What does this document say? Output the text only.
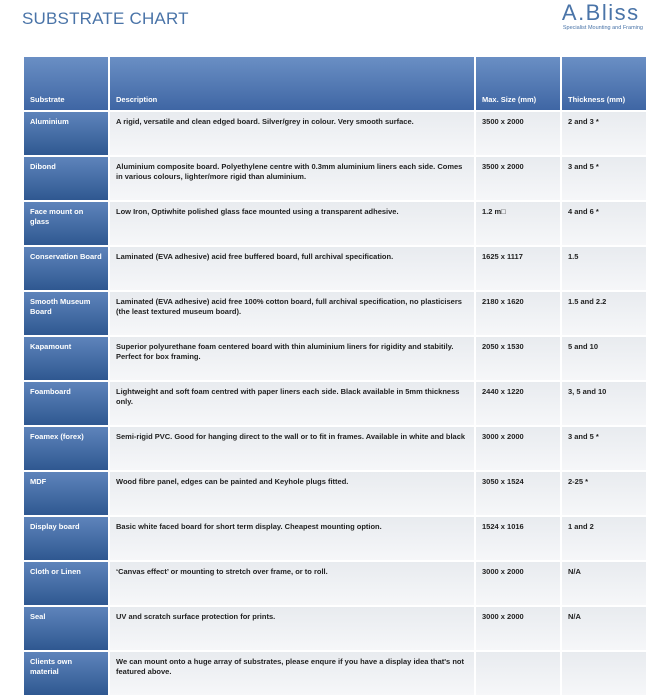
SUBSTRATE CHART	A.Bliss
Specialist Mounting and Framing
Substrate	Description	Max. Size (mm)	Thickness (mm)
Aluminium	A rigid, versatile and clean edged board. Silver/grey in colour. Very smooth surface.	3500 x 2000	2 and 3 *
Dibond	Aluminium composite board. Polyethylene centre with 0.3mm aluminium liners each side. Comes in various colours, lighter/more rigid than aluminium.	3500 x 2000	3 and 5 *
Face mount on glass	Low Iron, Optiwhite polished glass face mounted using a transparent adhesive.	1.2 m□	4 and 6 *
Conservation Board	Laminated (EVA adhesive) acid free buffered board, full archival specification.	1625 x 1117	1.5
Smooth Museum Board	Laminated (EVA adhesive) acid free 100% cotton board, full archival specification, no plasticisers (the least textured museum board).	2180 x 1620	1.5 and 2.2
Kapamount	Superior polyurethane foam centered board with thin aluminium liners for rigidity and stabitily. Perfect for box framing.	2050 x 1530	5 and 10
Foamboard	Lightweight and soft foam centred with paper liners each side. Black available in 5mm thickness only.	2440 x 1220	3, 5 and 10
Foamex (forex)	Semi-rigid PVC. Good for hanging direct to the wall or to fit in frames. Available in white and black	3000 x 2000	3 and 5 *
MDF	Wood fibre panel, edges can be painted and Keyhole plugs fitted.	3050 x 1524	2-25 *
Display board	Basic white faced board for short term display. Cheapest mounting option.	1524 x 1016	1 and 2
Cloth or Linen	‘Canvas effect’ or mounting to stretch over frame, or to roll.	3000 x 2000	N/A
Seal	UV and scratch surface protection for prints.	3000 x 2000	N/A
Clients own material	We can mount onto a huge array of substrates, please enqure if you have a display idea that's not featured above.		
